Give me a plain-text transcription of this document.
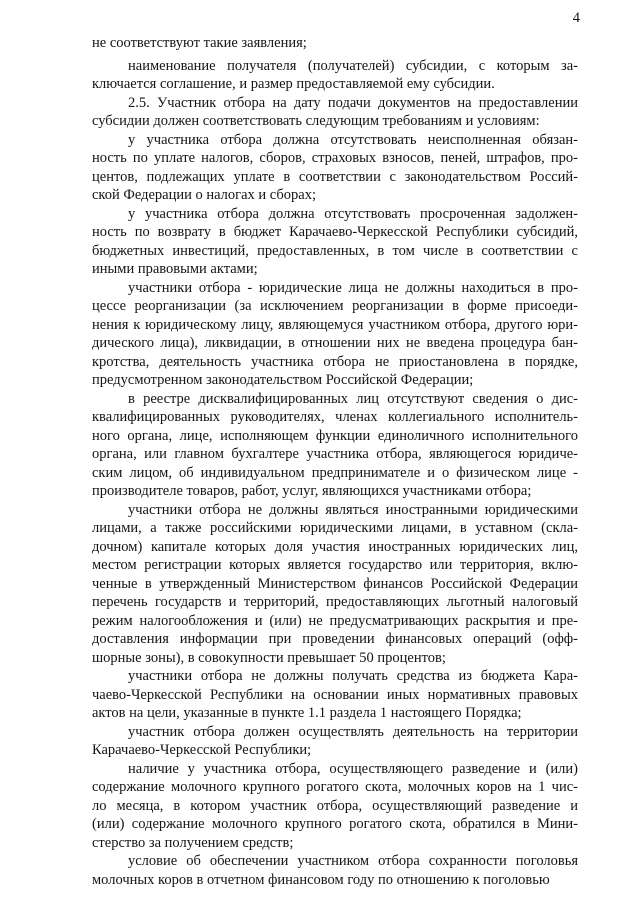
4
не соответствуют такие заявления;
наименование получателя (получателей) субсидии, с которым за-
ключается соглашение, и размер предоставляемой ему субсидии.
2.5. Участник отбора на дату подачи документов на предоставлении
субсидии должен соответствовать следующим требованиям и условиям:
у участника отбора должна отсутствовать неисполненная обязан-
ность по уплате налогов, сборов, страховых взносов, пеней, штрафов, про-
центов, подлежащих уплате в соответствии с законодательством Россий-
ской Федерации о налогах и сборах;
у участника отбора должна отсутствовать просроченная задолжен-
ность по возврату в бюджет Карачаево-Черкесской Республики субсидий,
бюджетных инвестиций, предоставленных, в том числе в соответствии с
иными правовыми актами;
участники отбора - юридические лица не должны находиться в про-
цессе реорганизации (за исключением реорганизации в форме присоеди-
нения к юридическому лицу, являющемуся участником отбора, другого юри-
дического лица), ликвидации, в отношении них не введена процедура бан-
кротства, деятельность участника отбора не приостановлена в порядке,
предусмотренном законодательством Российской Федерации;
в реестре дисквалифицированных лиц отсутствуют сведения о дис-
квалифицированных руководителях, членах коллегиального исполнитель-
ного органа, лице, исполняющем функции единоличного исполнительного
органа, или главном бухгалтере участника отбора, являющегося юридиче-
ским лицом, об индивидуальном предпринимателе и о физическом лице -
производителе товаров, работ, услуг, являющихся участниками отбора;
участники отбора не должны являться иностранными юридическими
лицами, а также российскими юридическими лицами, в уставном (скла-
дочном) капитале которых доля участия иностранных юридических лиц,
местом регистрации которых является государство или территория, вклю-
ченные в утвержденный Министерством финансов Российской Федерации
перечень государств и территорий, предоставляющих льготный налоговый
режим налогообложения и (или) не предусматривающих раскрытия и пре-
доставления информации при проведении финансовых операций (офф-
шорные зоны), в совокупности превышает 50 процентов;
участники отбора не должны получать средства из бюджета Кара-
чаево-Черкесской Республики на основании иных нормативных правовых
актов на цели, указанные в пункте 1.1 раздела 1 настоящего Порядка;
участник отбора должен осуществлять деятельность на территории
Карачаево-Черкесской Республики;
наличие у участника отбора, осуществляющего разведение и (или)
содержание молочного крупного рогатого скота, молочных коров на 1 чис-
ло месяца, в котором участник отбора, осуществляющий разведение и
(или) содержание молочного крупного рогатого скота, обратился в Мини-
стерство за получением средств;
условие об обеспечении участником отбора сохранности поголовья
молочных коров в отчетном финансовом году по отношению к поголовью
